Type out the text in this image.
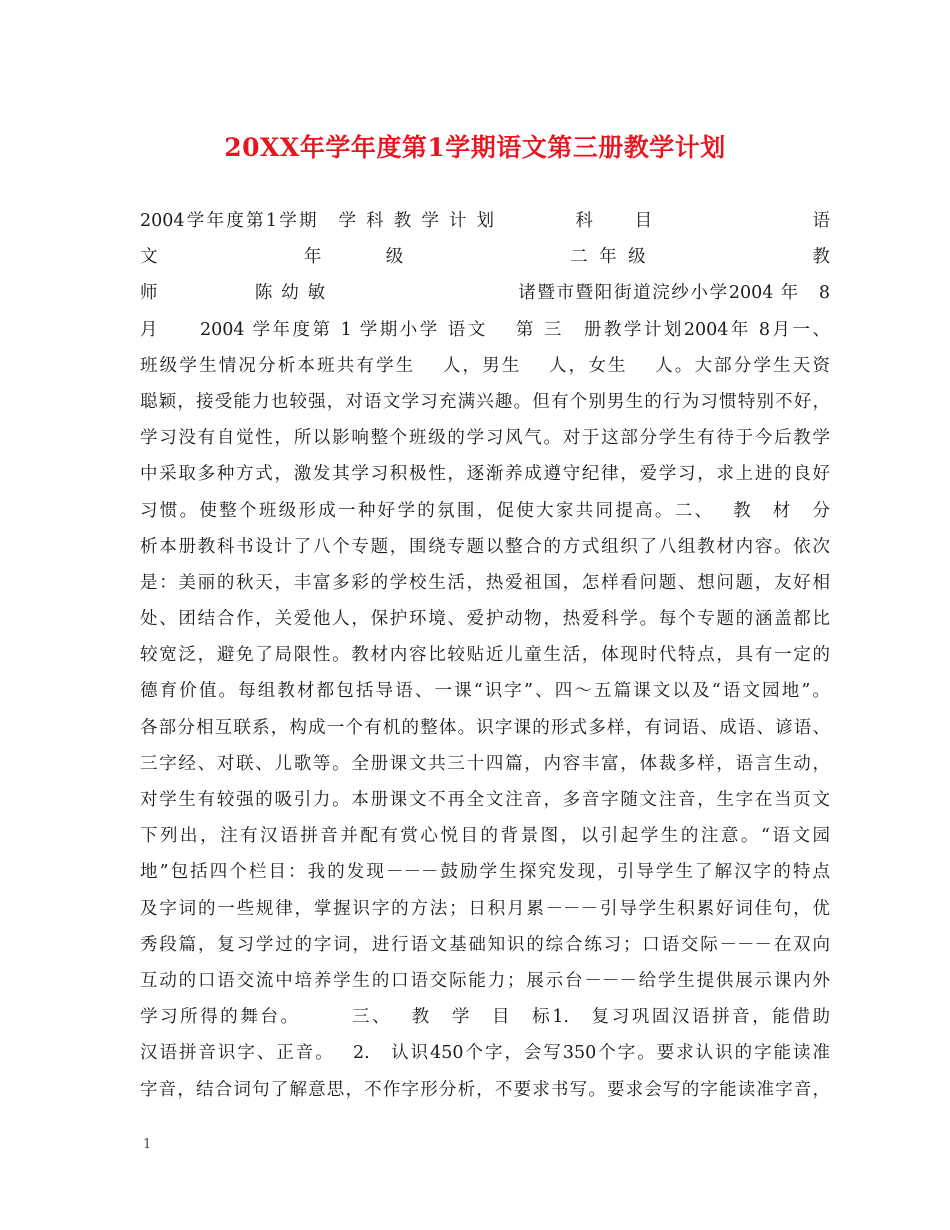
20XX年学年度第1学期语文第三册教学计划
2004学年度第1学期　学 科 教 学 计 划　　　　科　　目　　　　　　　　语
文　　　　　　　年　　　级　　　　　　　　二 年 级　　　　　　　　教
师　　　　　陈 幼 敏　　　　　　　　　　诸暨市暨阳街道浣纱小学2004 年　8
月　　2004 学年度第 1 学期小学 语文　 第 三　册教学计划2004年 8月一、
班级学生情况分析本班共有学生　 人，男生　 人，女生　 人。大部分学生天资
聪颖，接受能力也较强，对语文学习充满兴趣。但有个别男生的行为习惯特别不好，
学习没有自觉性，所以影响整个班级的学习风气。对于这部分学生有待于今后教学
中采取多种方式，激发其学习积极性，逐渐养成遵守纪律，爱学习，求上进的良好
习惯。使整个班级形成一种好学的氛围，促使大家共同提高。二、　 教　材　分
析本册教科书设计了八个专题，围绕专题以整合的方式组织了八组教材内容。依次
是：美丽的秋天，丰富多彩的学校生活，热爱祖国，怎样看问题、想问题，友好相
处、团结合作，关爱他人，保护环境、爱护动物，热爱科学。每个专题的涵盖都比
较宽泛，避免了局限性。教材内容比较贴近儿童生活，体现时代特点，具有一定的
德育价值。每组教材都包括导语、一课“识字”、四～五篇课文以及“语文园地”。
各部分相互联系，构成一个有机的整体。识字课的形式多样，有词语、成语、谚语、
三字经、对联、儿歌等。全册课文共三十四篇，内容丰富，体裁多样，语言生动，
对学生有较强的吸引力。本册课文不再全文注音，多音字随文注音，生字在当页文
下列出，注有汉语拼音并配有赏心悦目的背景图，以引起学生的注意。“语文园
地”包括四个栏目：我的发现－－－鼓励学生探究发现，引导学生了解汉字的特点
及字词的一些规律，掌握识字的方法；日积月累－－－引导学生积累好词佳句，优
秀段篇，复习学过的字词，进行语文基础知识的综合练习；口语交际－－－在双向
互动的口语交流中培养学生的口语交际能力；展示台－－－给学生提供展示课内外
学习所得的舞台。　　　三、　 教　学　目　标1.　复习巩固汉语拼音，能借助
汉语拼音识字、正音。　 2.　认识450个字，会写350个字。要求认识的字能读准
字音，结合词句了解意思，不作字形分析，不要求书写。要求会写的字能读准字音，
1
